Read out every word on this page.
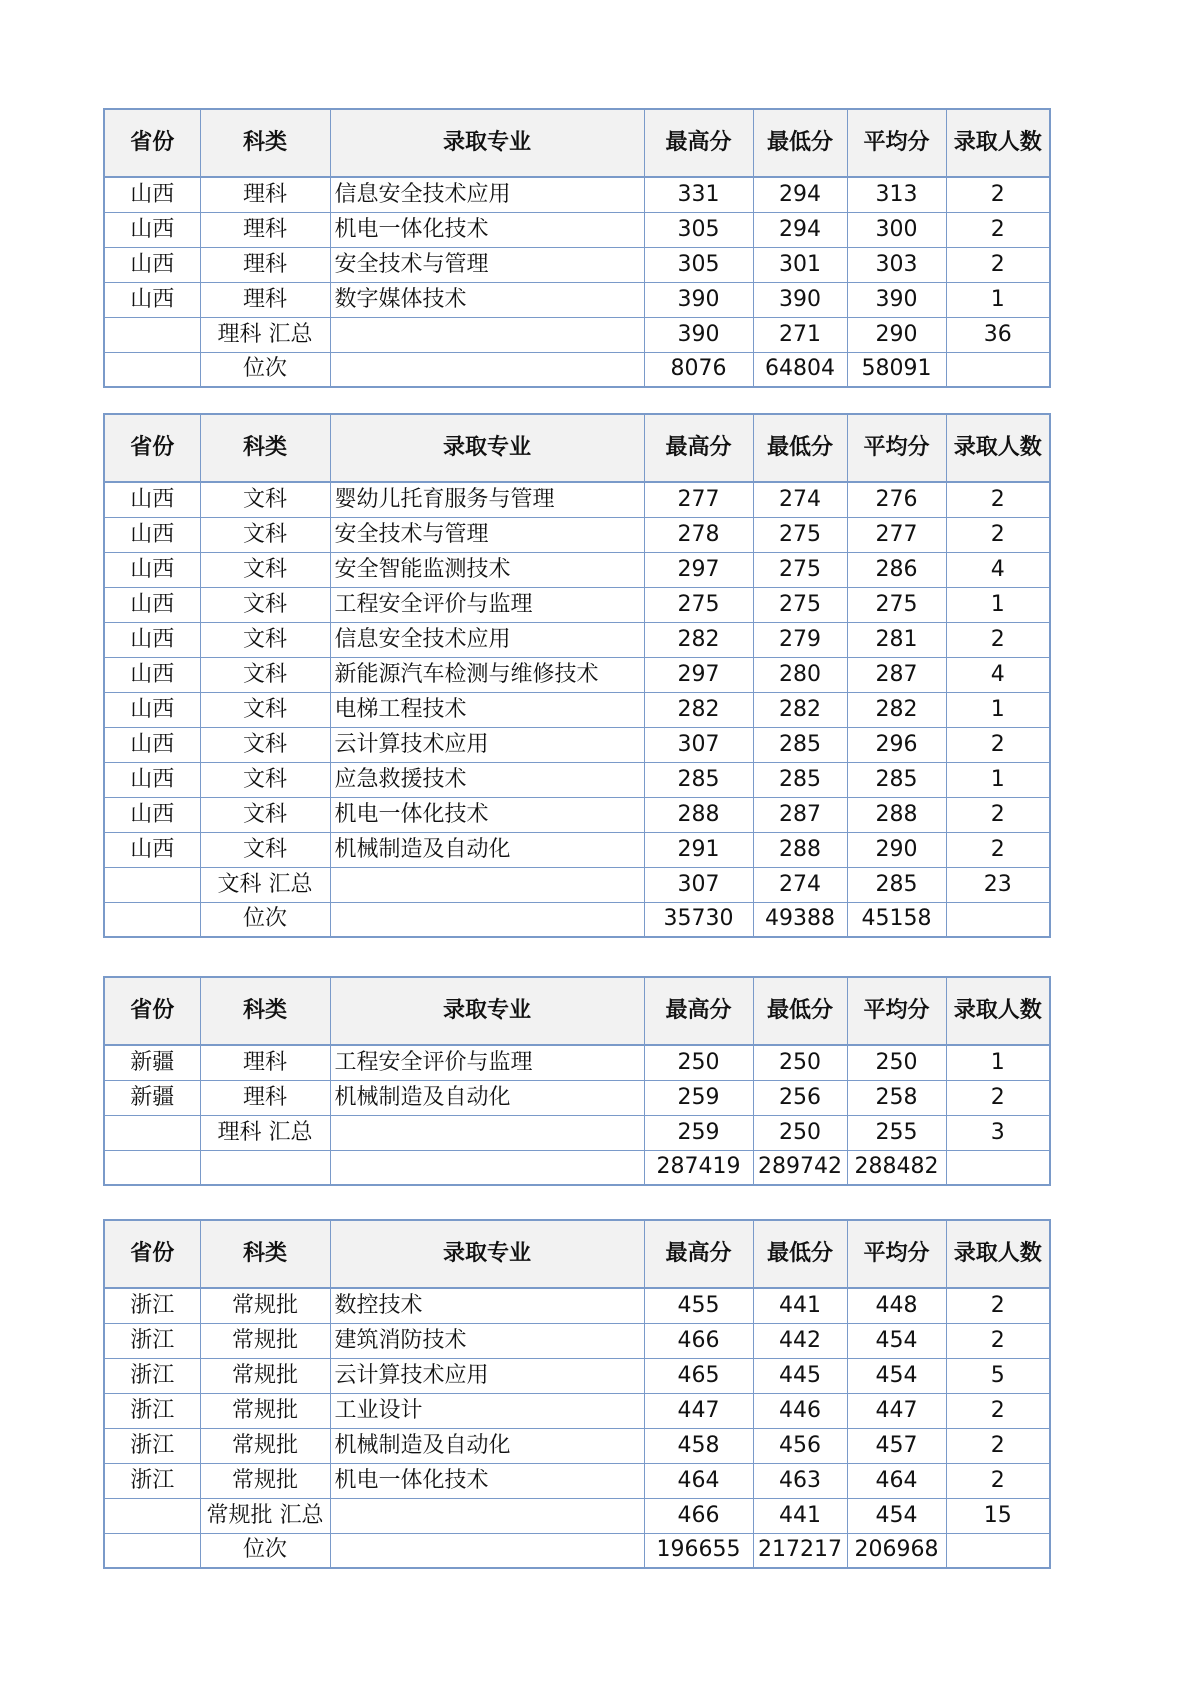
省份	科类	录取专业	最高分	最低分	平均分	录取人数
山西	理科	信息安全技术应用	331	294	313	2
山西	理科	机电一体化技术	305	294	300	2
山西	理科	安全技术与管理	305	301	303	2
山西	理科	数字媒体技术	390	390	390	1
	理科 汇总		390	271	290	36
	位次		8076	64804	58091	
省份	科类	录取专业	最高分	最低分	平均分	录取人数
山西	文科	婴幼儿托育服务与管理	277	274	276	2
山西	文科	安全技术与管理	278	275	277	2
山西	文科	安全智能监测技术	297	275	286	4
山西	文科	工程安全评价与监理	275	275	275	1
山西	文科	信息安全技术应用	282	279	281	2
山西	文科	新能源汽车检测与维修技术	297	280	287	4
山西	文科	电梯工程技术	282	282	282	1
山西	文科	云计算技术应用	307	285	296	2
山西	文科	应急救援技术	285	285	285	1
山西	文科	机电一体化技术	288	287	288	2
山西	文科	机械制造及自动化	291	288	290	2
	文科 汇总		307	274	285	23
	位次		35730	49388	45158	
省份	科类	录取专业	最高分	最低分	平均分	录取人数
新疆	理科	工程安全评价与监理	250	250	250	1
新疆	理科	机械制造及自动化	259	256	258	2
	理科 汇总		259	250	255	3
			287419	289742	288482	
省份	科类	录取专业	最高分	最低分	平均分	录取人数
浙江	常规批	数控技术	455	441	448	2
浙江	常规批	建筑消防技术	466	442	454	2
浙江	常规批	云计算技术应用	465	445	454	5
浙江	常规批	工业设计	447	446	447	2
浙江	常规批	机械制造及自动化	458	456	457	2
浙江	常规批	机电一体化技术	464	463	464	2
	常规批 汇总		466	441	454	15
	位次		196655	217217	206968	
